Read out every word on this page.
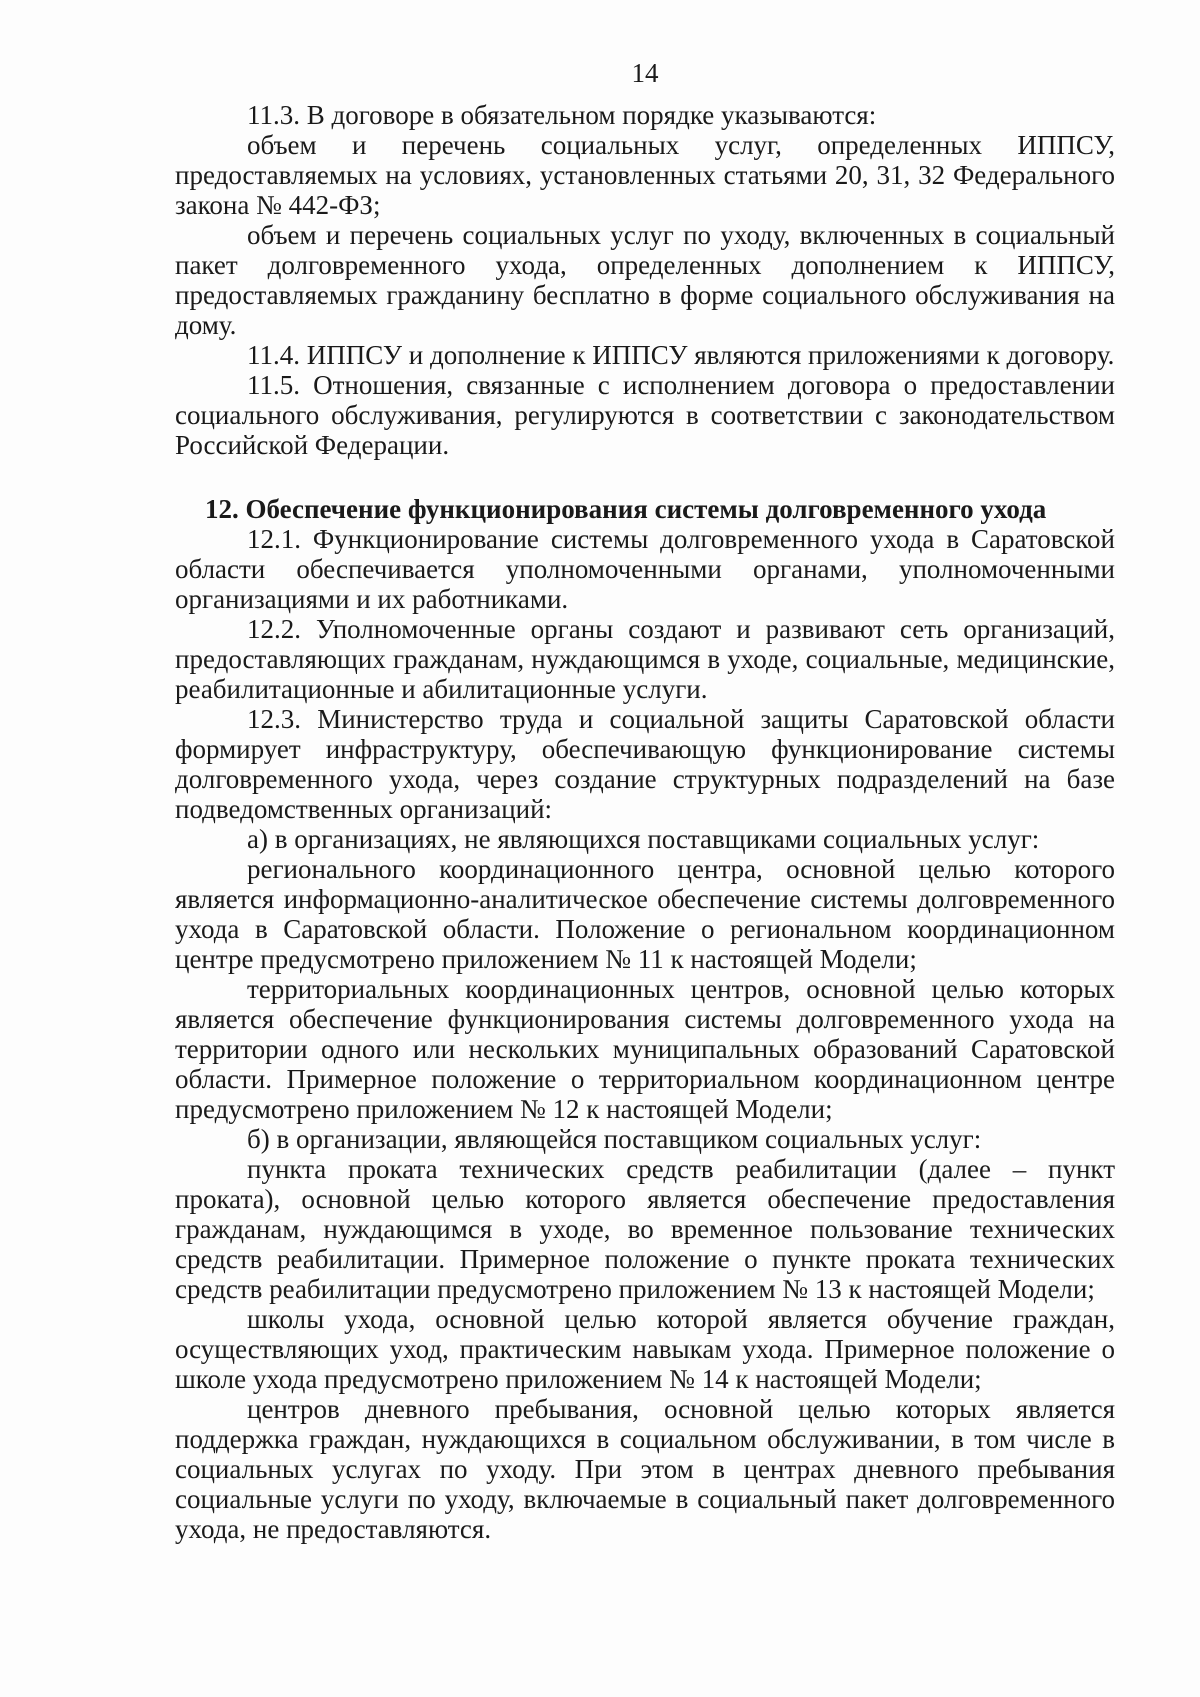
14

11.3. В договоре в обязательном порядке указываются:

объем и перечень социальных услуг, определенных ИППСУ, предоставляемых на условиях, установленных статьями 20, 31, 32 Федерального закона № 442-ФЗ;

объем и перечень социальных услуг по уходу, включенных в социальный пакет долговременного ухода, определенных дополнением к ИППСУ, предоставляемых гражданину бесплатно в форме социального обслуживания на дому.

11.4. ИППСУ и дополнение к ИППСУ являются приложениями к договору.

11.5. Отношения, связанные с исполнением договора о предоставлении социального обслуживания, регулируются в соответствии с законодательством Российской Федерации.

12. Обеспечение функционирования системы долговременного ухода

12.1. Функционирование системы долговременного ухода в Саратовской области обеспечивается уполномоченными органами, уполномоченными организациями и их работниками.

12.2. Уполномоченные органы создают и развивают сеть организаций, предоставляющих гражданам, нуждающимся в уходе, социальные, медицинские, реабилитационные и абилитационные услуги.

12.3. Министерство труда и социальной защиты Саратовской области формирует инфраструктуру, обеспечивающую функционирование системы долговременного ухода, через создание структурных подразделений на базе подведомственных организаций:

а) в организациях, не являющихся поставщиками социальных услуг:

регионального координационного центра, основной целью которого является информационно-аналитическое обеспечение системы долговременного ухода в Саратовской области. Положение о региональном координационном центре предусмотрено приложением № 11 к настоящей Модели;

территориальных координационных центров, основной целью которых является обеспечение функционирования системы долговременного ухода на территории одного или нескольких муниципальных образований Саратовской области. Примерное положение о территориальном координационном центре предусмотрено приложением № 12 к настоящей Модели;

б) в организации, являющейся поставщиком социальных услуг:

пункта проката технических средств реабилитации (далее – пункт проката), основной целью которого является обеспечение предоставления гражданам, нуждающимся в уходе, во временное пользование технических средств реабилитации. Примерное положение о пункте проката технических средств реабилитации предусмотрено приложением № 13 к настоящей Модели;

школы ухода, основной целью которой является обучение граждан, осуществляющих уход, практическим навыкам ухода. Примерное положение о школе ухода предусмотрено приложением № 14 к настоящей Модели;

центров дневного пребывания, основной целью которых является поддержка граждан, нуждающихся в социальном обслуживании, в том числе в социальных услугах по уходу. При этом в центрах дневного пребывания социальные услуги по уходу, включаемые в социальный пакет долговременного ухода, не предоставляются.
